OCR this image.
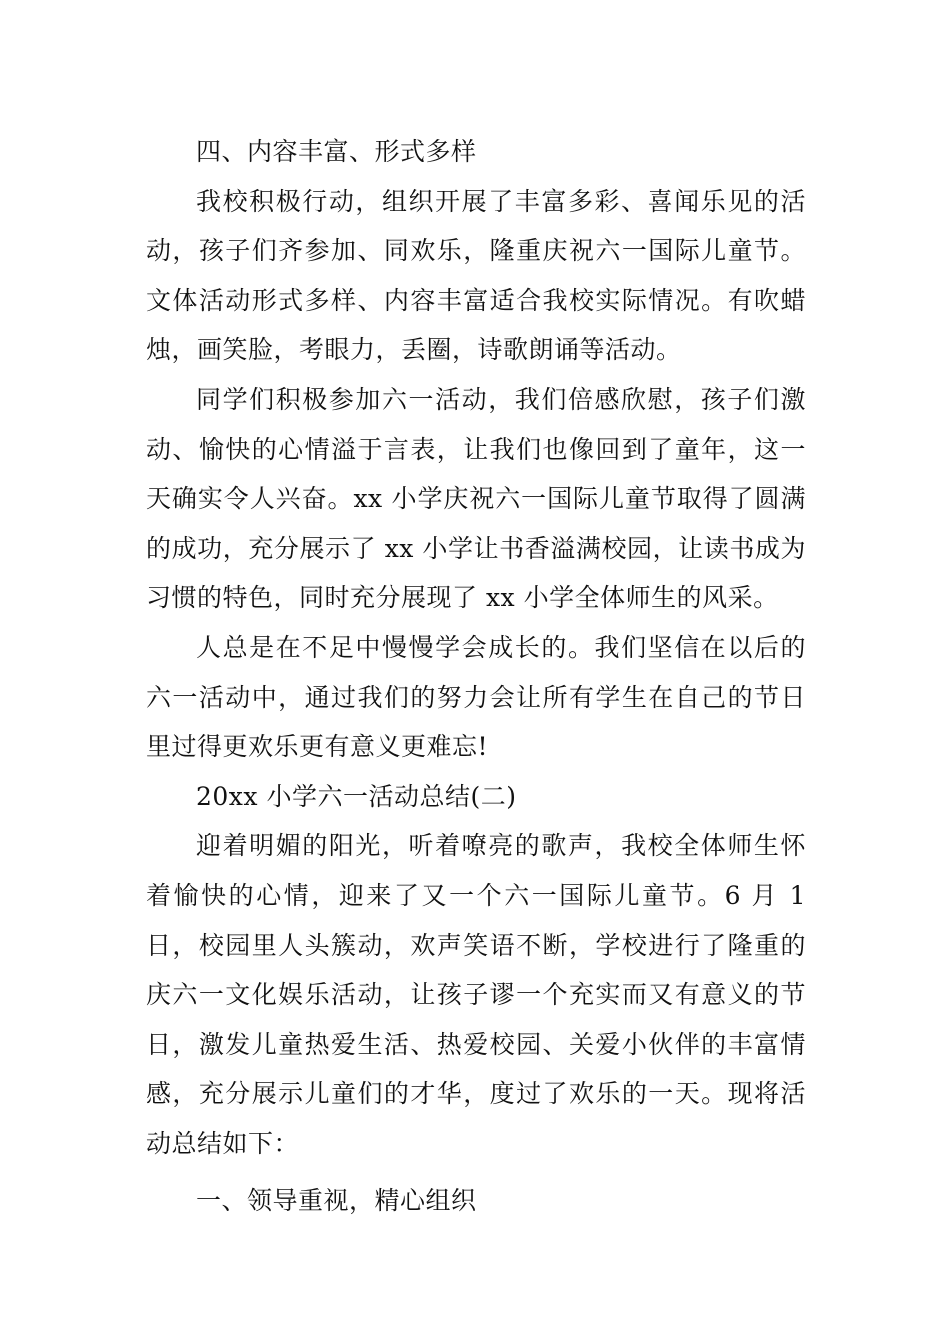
四、内容丰富、形式多样

我校积极行动，组织开展了丰富多彩、喜闻乐见的活动，孩子们齐参加、同欢乐，隆重庆祝六一国际儿童节。文体活动形式多样、内容丰富适合我校实际情况。有吹蜡烛，画笑脸，考眼力，丢圈，诗歌朗诵等活动。

同学们积极参加六一活动，我们倍感欣慰，孩子们激动、愉快的心情溢于言表，让我们也像回到了童年，这一天确实令人兴奋。xx 小学庆祝六一国际儿童节取得了圆满的成功，充分展示了 xx 小学让书香溢满校园，让读书成为习惯的特色，同时充分展现了 xx 小学全体师生的风采。

人总是在不足中慢慢学会成长的。我们坚信在以后的六一活动中，通过我们的努力会让所有学生在自己的节日里过得更欢乐更有意义更难忘!

20xx 小学六一活动总结(二)

迎着明媚的阳光，听着嘹亮的歌声，我校全体师生怀着愉快的心情，迎来了又一个六一国际儿童节。6 月 1 日，校园里人头簇动，欢声笑语不断，学校进行了隆重的庆六一文化娱乐活动，让孩子谬一个充实而又有意义的节日，激发儿童热爱生活、热爱校园、关爱小伙伴的丰富情感，充分展示儿童们的才华，度过了欢乐的一天。现将活动总结如下：

一、领导重视，精心组织
